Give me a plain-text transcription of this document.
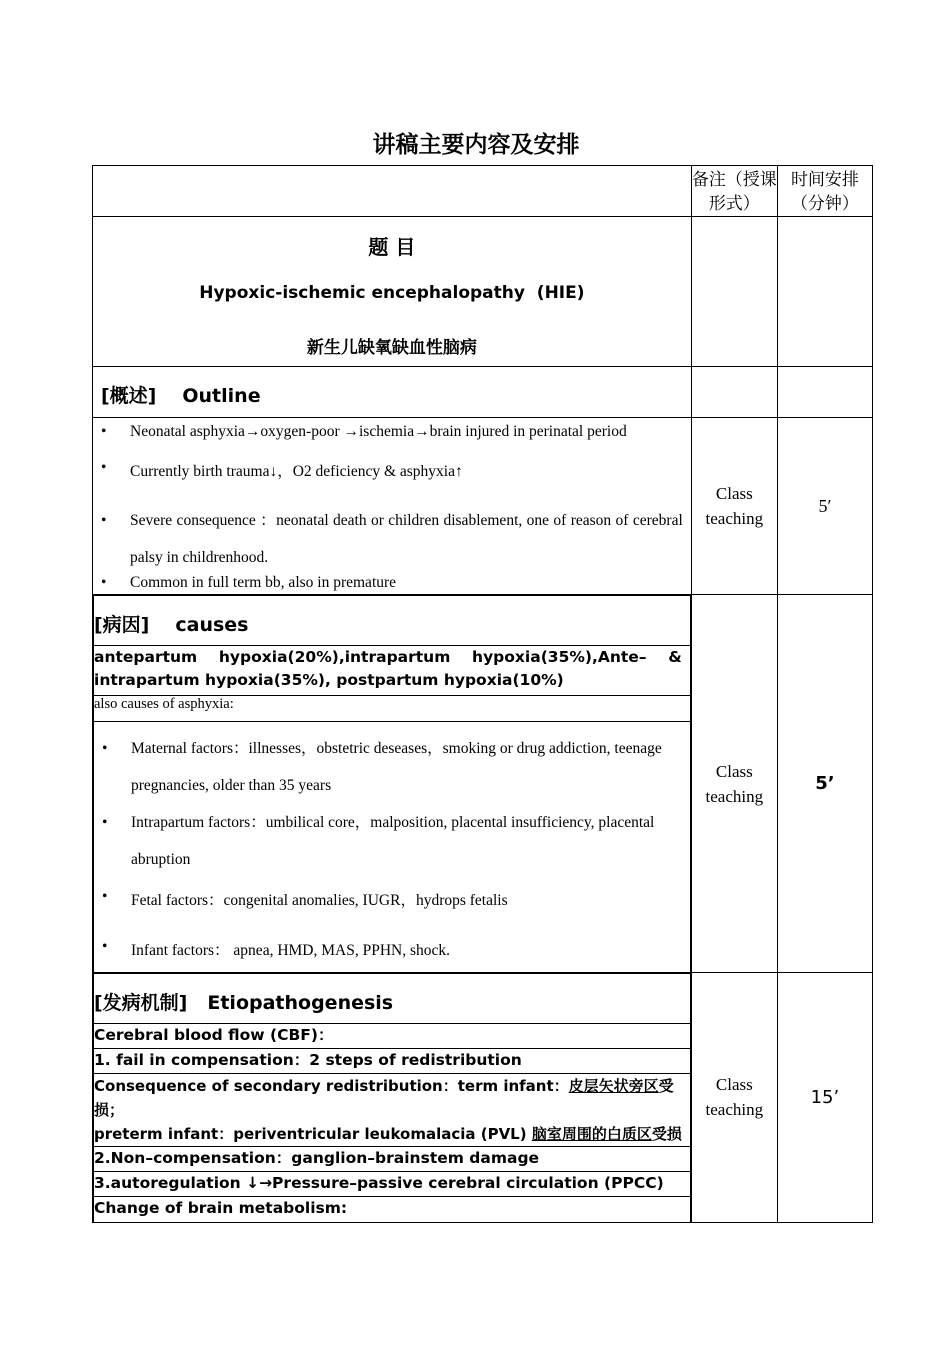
讲稿主要内容及安排
	备注（授课形式）	时间安排（分钟）

题 目
Hypoxic-ischemic encephalopathy  (HIE)
新生儿缺氧缺血性脑病

[概述] Outline

• Neonatal asphyxia→oxygen-poor →ischemia→brain injured in perinatal period
• Currently birth trauma↓，O2 deficiency & asphyxia↑
• Severe consequence ：neonatal death or children disablement, one of reason of cerebral palsy in childrenhood.
• Common in full term bb, also in premature

Class teaching

5′

[病因] causes

antepartum hypoxia(20%),intrapartum hypoxia(35%),Ante– & intrapartum hypoxia(35%), postpartum hypoxia(10%)
also causes of asphyxia:

• Maternal factors：illnesses，obstetric deseases，smoking or drug addiction, teenage pregnancies, older than 35 years
• Intrapartum factors：umbilical core，malposition, placental insufficiency, placental abruption
• Fetal factors：congenital anomalies, IUGR，hydrops fetalis
• Infant factors： apnea, HMD, MAS, PPHN, shock.

Class teaching

5’

[发病机制] Etiopathogenesis

Cerebral blood flow (CBF)：
1. fail in compensation：2 steps of redistribution
Consequence of secondary redistribution：term infant：皮层矢状旁区受损；
preterm infant：periventricular leukomalacia (PVL) 脑室周围的白质区受损
2.Non–compensation：ganglion–brainstem damage
3.autoregulation ↓→Pressure–passive cerebral circulation (PPCC)
Change of brain metabolism:

Class teaching

15’
